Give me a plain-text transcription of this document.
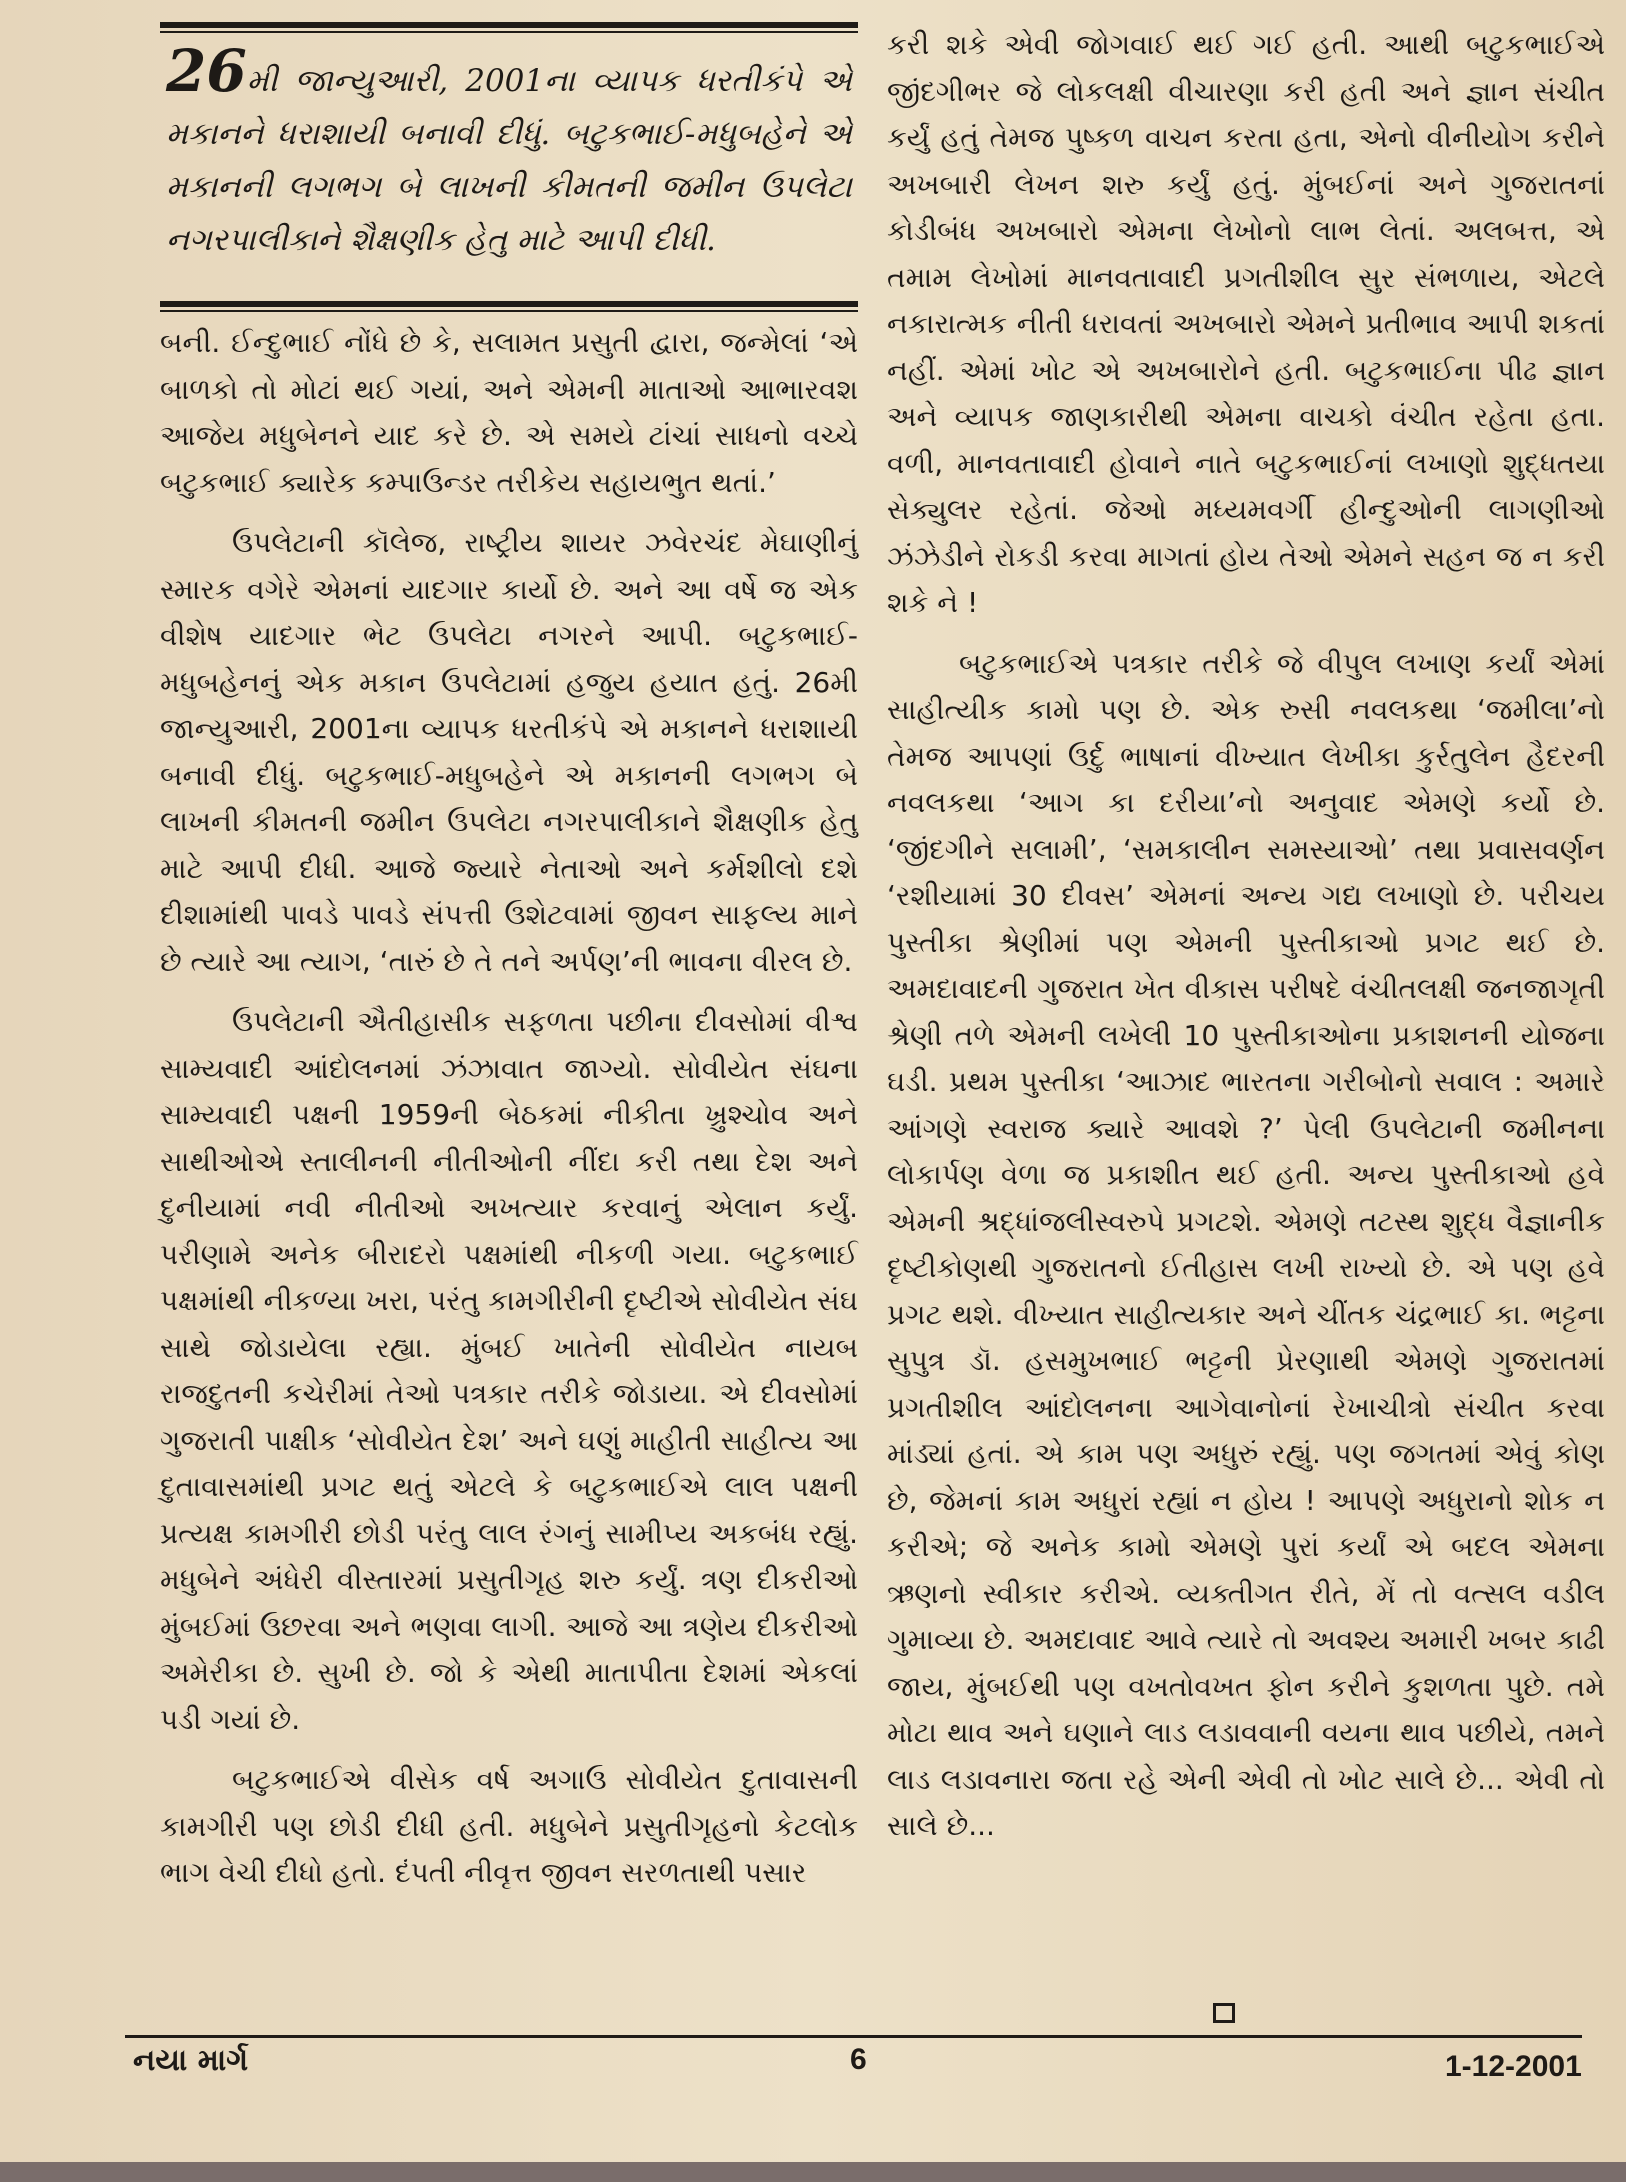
26મી જાન્યુઆરી, 2001ના વ્યાપક ધરતીકંપે એ મકાનને ધરાશાયી બનાવી દીધું. બટુકભાઈ-મધુબહેને એ મકાનની લગભગ બે લાખની કીમતની જમીન ઉપલેટા નગરપાલીકાને શૈક્ષણીક હેતુ માટે આપી દીધી.

બની. ઈન્દુભાઈ નોંધે છે કે, સલામત પ્રસુતી દ્વારા, જન્મેલાં ‘એ બાળકો તો મોટાં થઈ ગયાં, અને એમની માતાઓ આભારવશ આજેય મધુબેનને યાદ કરે છે. એ સમયે ટાંચાં સાધનો વચ્ચે બટુકભાઈ ક્યારેક કમ્પાઉન્ડર તરીકેય સહાયભુત થતાં.’

ઉપલેટાની કૉલેજ, રાષ્ટ્રીય શાયર ઝવેરચંદ મેઘાણીનું સ્મારક વગેરે એમનાં યાદગાર કાર્યો છે. અને આ વર્ષે જ એક વીશેષ યાદગાર ભેટ ઉપલેટા નગરને આપી. બટુકભાઈ-મધુબહેનનું એક મકાન ઉપલેટામાં હજુય હયાત હતું. 26મી જાન્યુઆરી, 2001ના વ્યાપક ધરતીકંપે એ મકાનને ધરાશાયી બનાવી દીધું. બટુકભાઈ-મધુબહેને એ મકાનની લગભગ બે લાખની કીમતની જમીન ઉપલેટા નગરપાલીકાને શૈક્ષણીક હેતુ માટે આપી દીધી. આજે જ્યારે નેતાઓ અને કર્મશીલો દશે દીશામાંથી પાવડે પાવડે સંપત્તી ઉશેટવામાં જીવન સાફલ્ય માને છે ત્યારે આ ત્યાગ, ‘તારું છે તે તને અર્પણ’ની ભાવના વીરલ છે.

ઉપલેટાની ઐતીહાસીક સફળતા પછીના દીવસોમાં વીશ્વ સામ્યવાદી આંદોલનમાં ઝંઝાવાત જાગ્યો. સોવીયેત સંઘના સામ્યવાદી પક્ષની 1959ની બેઠકમાં નીકીતા ખ્રુશ્ચોવ અને સાથીઓએ સ્તાલીનની નીતીઓની નીંદા કરી તથા દેશ અને દુનીયામાં નવી નીતીઓ અખત્યાર કરવાનું એલાન કર્યું. પરીણામે અનેક બીરાદરો પક્ષમાંથી નીકળી ગયા. બટુકભાઈ પક્ષમાંથી નીકળ્યા ખરા, પરંતુ કામગીરીની દૃષ્ટીએ સોવીયેત સંઘ સાથે જોડાયેલા રહ્યા. મુંબઈ ખાતેની સોવીયેત નાયબ રાજદુતની કચેરીમાં તેઓ પત્રકાર તરીકે જોડાયા. એ દીવસોમાં ગુજરાતી પાક્ષીક ‘સોવીયેત દેશ’ અને ઘણું માહીતી સાહીત્ય આ દુતાવાસમાંથી પ્રગટ થતું એટલે કે બટુકભાઈએ લાલ પક્ષની પ્રત્યક્ષ કામગીરી છોડી પરંતુ લાલ રંગનું સામીપ્ય અકબંધ રહ્યું. મધુબેને અંધેરી વીસ્તારમાં પ્રસુતીગૃહ શરુ કર્યું. ત્રણ દીકરીઓ મુંબઈમાં ઉછરવા અને ભણવા લાગી. આજે આ ત્રણેય દીકરીઓ અમેરીકા છે. સુખી છે. જો કે એથી માતાપીતા દેશમાં એકલાં પડી ગયાં છે.

બટુકભાઈએ વીસેક વર્ષ અગાઉ સોવીયેત દુતાવાસની કામગીરી પણ છોડી દીધી હતી. મધુબેને પ્રસુતીગૃહનો કેટલોક ભાગ વેચી દીધો હતો. દંપતી નીવૃત્ત જીવન સરળતાથી પસાર

કરી શકે એવી જોગવાઈ થઈ ગઈ હતી. આથી બટુકભાઈએ જીંદગીભર જે લોકલક્ષી વીચારણા કરી હતી અને જ્ઞાન સંચીત કર્યું હતું તેમજ પુષ્કળ વાચન કરતા હતા, એનો વીનીયોગ કરીને અખબારી લેખન શરુ કર્યું હતું. મુંબઈનાં અને ગુજરાતનાં કોડીબંધ અખબારો એમના લેખોનો લાભ લેતાં. અલબત્ત, એ તમામ લેખોમાં માનવતાવાદી પ્રગતીશીલ સુર સંભળાય, એટલે નકારાત્મક નીતી ધરાવતાં અખબારો એમને પ્રતીભાવ આપી શકતાં નહીં. એમાં ખોટ એ અખબારોને હતી. બટુકભાઈના પીઢ જ્ઞાન અને વ્યાપક જાણકારીથી એમના વાચકો વંચીત રહેતા હતા. વળી, માનવતાવાદી હોવાને નાતે બટુકભાઈનાં લખાણો શુદ્ધતયા સેક્યુલર રહેતાં. જેઓ મધ્યમવર્ગી હીન્દુઓની લાગણીઓ ઝંઝેડીને રોકડી કરવા માગતાં હોય તેઓ એમને સહન જ ન કરી શકે ને !

બટુકભાઈએ પત્રકાર તરીકે જે વીપુલ લખાણ કર્યાં એમાં સાહીત્યીક કામો પણ છે. એક રુસી નવલકથા ‘જમીલા’નો તેમજ આપણાં ઉર્દુ ભાષાનાં વીખ્યાત લેખીકા કુર્રતુલેન હૈદરની નવલકથા ‘આગ કા દરીયા’નો અનુવાદ એમણે કર્યો છે. ‘જીંદગીને સલામી’, ‘સમકાલીન સમસ્યાઓ’ તથા પ્રવાસવર્ણન ‘રશીયામાં 30 દીવસ’ એમનાં અન્ય ગદ્ય લખાણો છે. પરીચય પુસ્તીકા શ્રેણીમાં પણ એમની પુસ્તીકાઓ પ્રગટ થઈ છે. અમદાવાદની ગુજરાત ખેત વીકાસ પરીષદે વંચીતલક્ષી જનજાગૃતી શ્રેણી તળે એમની લખેલી 10 પુસ્તીકાઓના પ્રકાશનની યોજના ઘડી. પ્રથમ પુસ્તીકા ‘આઝાદ ભારતના ગરીબોનો સવાલ : અમારે આંગણે સ્વરાજ ક્યારે આવશે ?’ પેલી ઉપલેટાની જમીનના લોકાર્પણ વેળા જ પ્રકાશીત થઈ હતી. અન્ય પુસ્તીકાઓ હવે એમની શ્રદ્ધાંજલીસ્વરુપે પ્રગટશે. એમણે તટસ્થ શુદ્ધ વૈજ્ઞાનીક દૃષ્ટીકોણથી ગુજરાતનો ઈતીહાસ લખી રાખ્યો છે. એ પણ હવે પ્રગટ થશે. વીખ્યાત સાહીત્યકાર અને ચીંતક ચંદ્રભાઈ કા. ભટ્ટના સુપુત્ર ડૉ. હસમુખભાઈ ભટ્ટની પ્રેરણાથી એમણે ગુજરાતમાં પ્રગતીશીલ આંદોલનના આગેવાનોનાં રેખાચીત્રો સંચીત કરવા માંડ્યાં હતાં. એ કામ પણ અધુરું રહ્યું. પણ જગતમાં એવું કોણ છે, જેમનાં કામ અધુરાં રહ્યાં ન હોય ! આપણે અધુરાનો શોક ન કરીએ; જે અનેક કામો એમણે પુરાં કર્યાં એ બદલ એમના ઋણનો સ્વીકાર કરીએ. વ્યક્તીગત રીતે, મેં તો વત્સલ વડીલ ગુમાવ્યા છે. અમદાવાદ આવે ત્યારે તો અવશ્ય અમારી ખબર કાઢી જાય, મુંબઈથી પણ વખતોવખત ફોન કરીને કુશળતા પુછે. તમે મોટા થાવ અને ઘણાને લાડ લડાવવાની વયના થાવ પછીયે, તમને લાડ લડાવનારા જતા રહે એની એવી તો ખોટ સાલે છે... એવી તો સાલે છે...

નયા માર્ગ	6	1-12-2001
